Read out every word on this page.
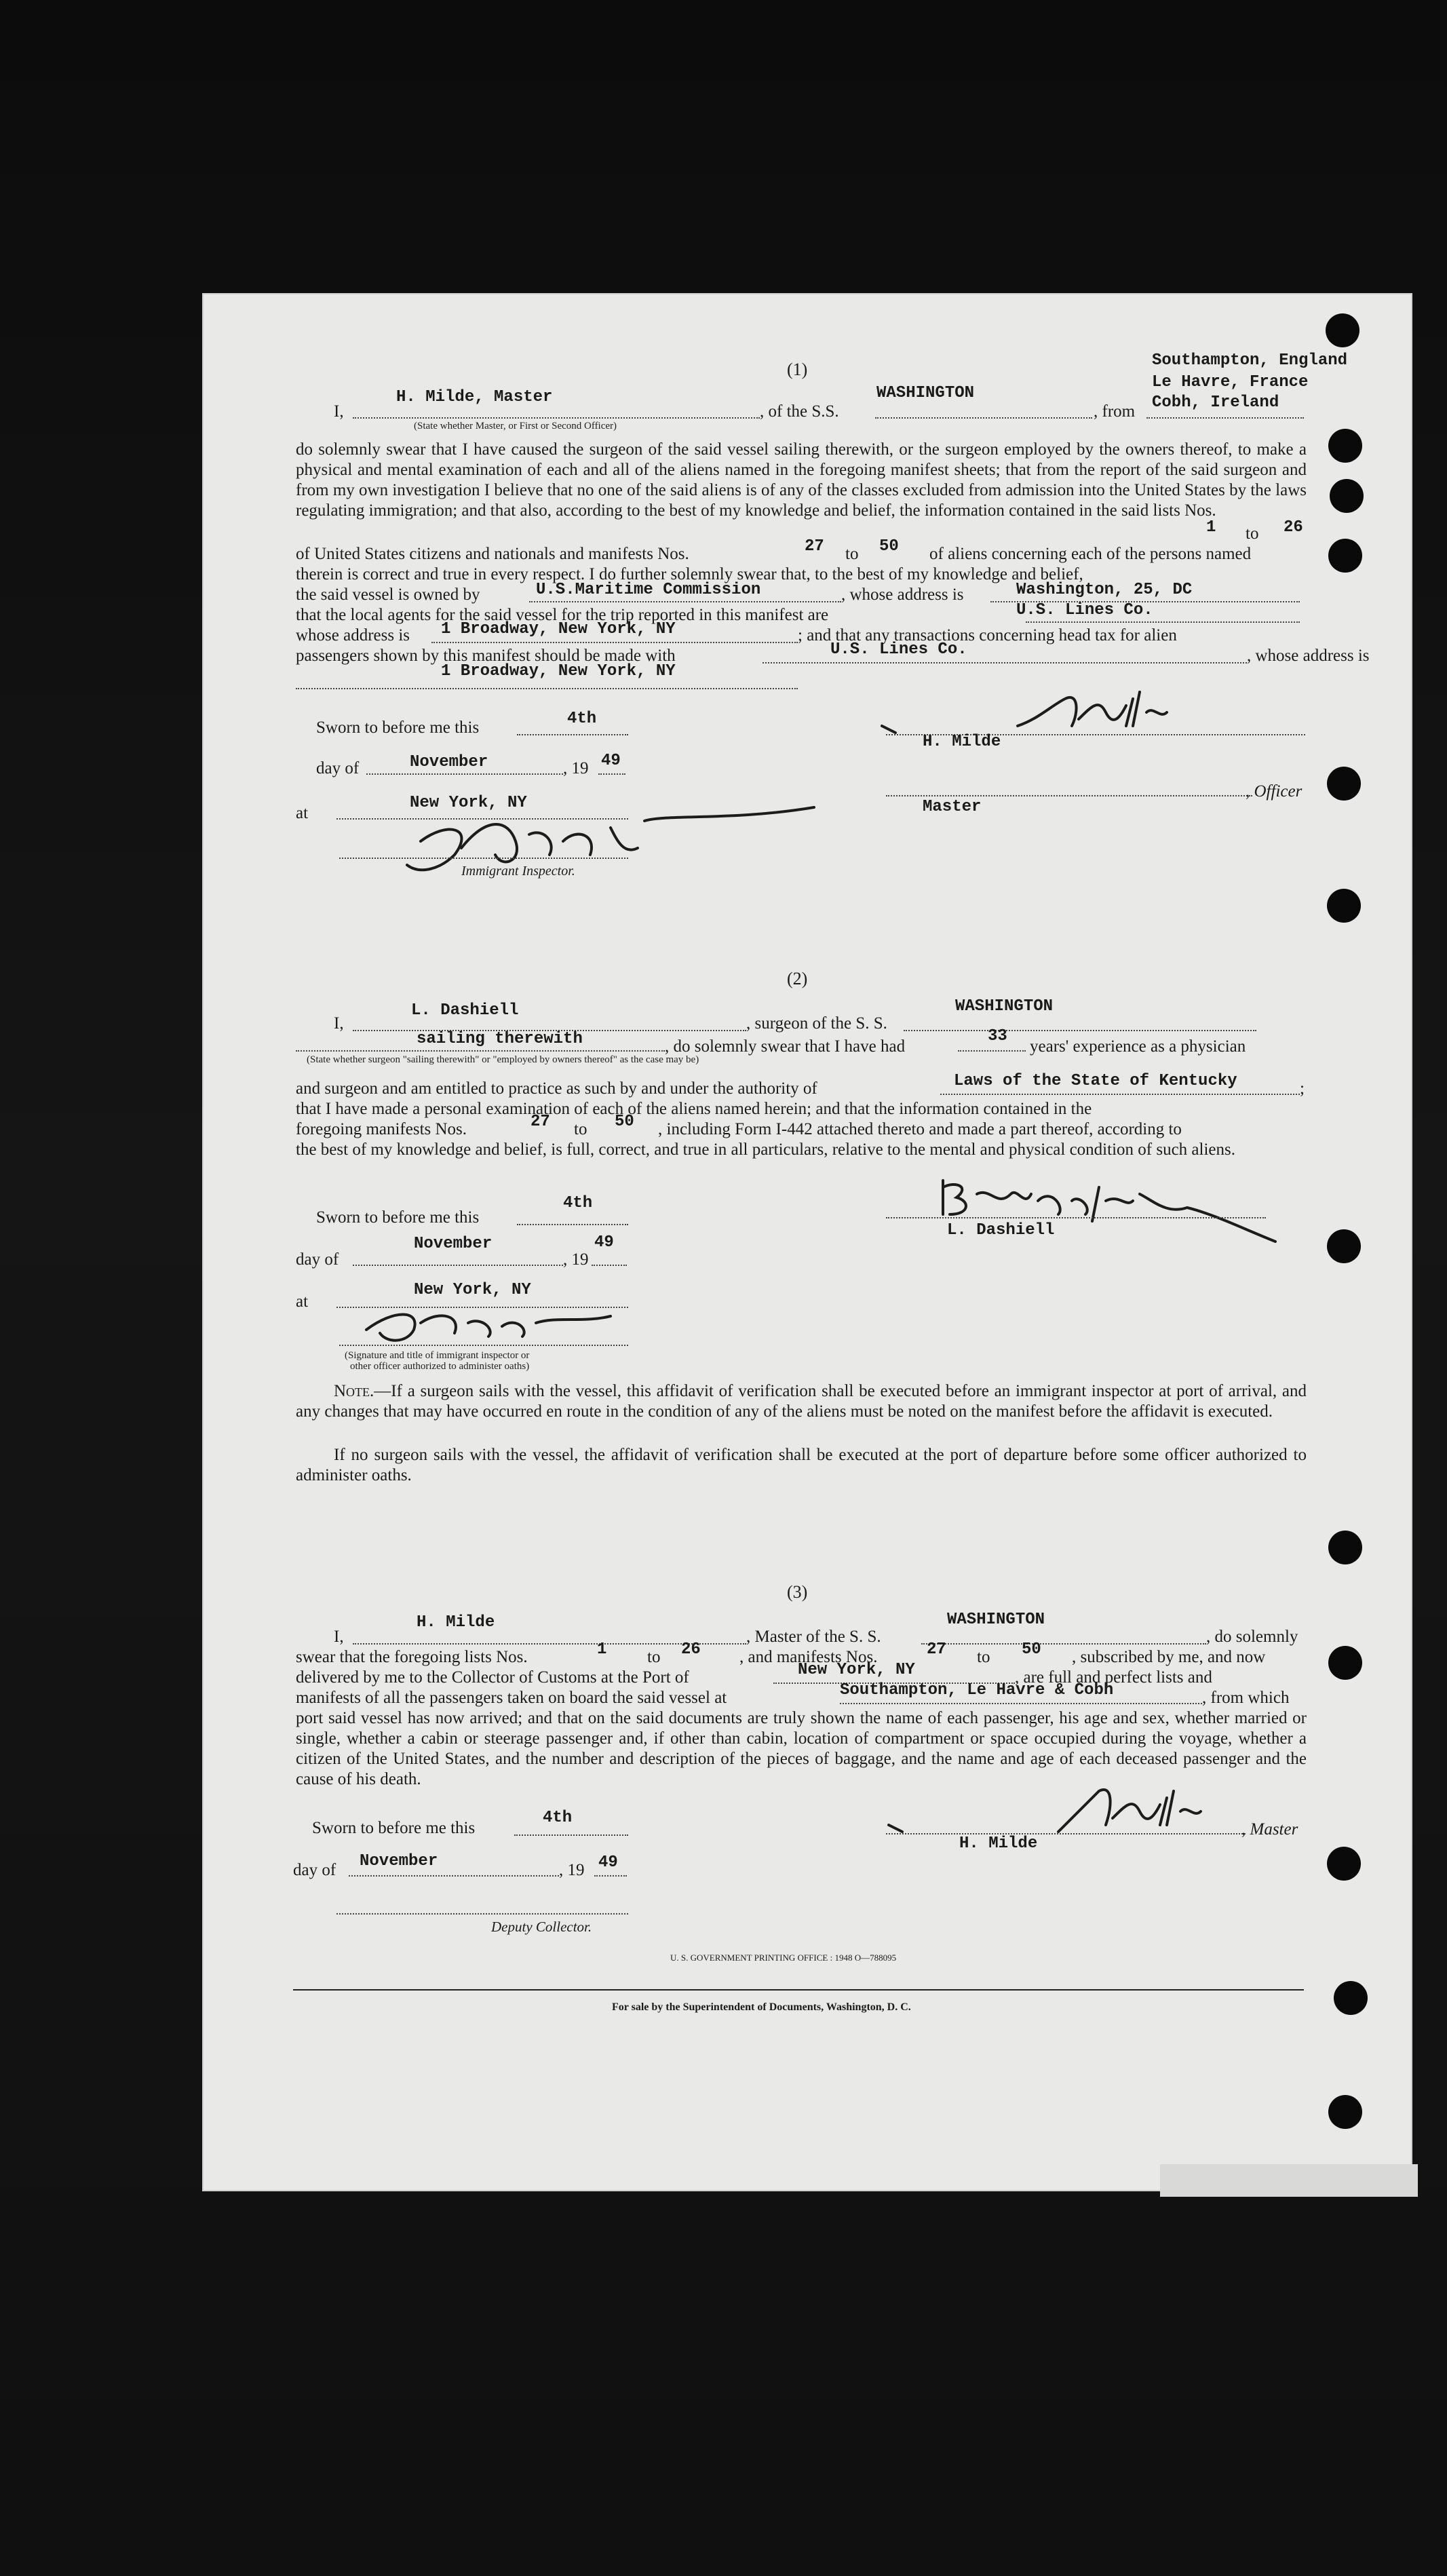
(1)
I,
H. Milde, Master
(State whether Master, or First or Second Officer)
, of the S.S.
WASHINGTON
, from
Southampton, England
Le Havre, France
Cobh, Ireland
do solemnly swear that I have caused the surgeon of the said vessel sailing therewith, or the surgeon employed by the owners thereof, to make a physical and mental examination of each and all of the aliens named in the foregoing manifest sheets; that from the report of the said surgeon and from my own investigation I believe that no one of the said aliens is of any of the classes excluded from admission into the United States by the laws regulating immigration; and that also, according to the best of my knowledge and belief, the information contained in the said lists Nos.
1 to 26
of United States citizens and nationals and manifests Nos.	27 to 50 of aliens concerning each of the persons named
therein is correct and true in every respect. I do further solemnly swear that, to the best of my knowledge and belief,
the said vessel is owned by	U.S.Maritime Commission	, whose address is	Washington, 25, DC
that the local agents for the said vessel for the trip reported in this manifest are	U.S. Lines Co.
whose address is 1 Broadway, New York, NY	; and that any transactions concerning head tax for alien
passengers shown by this manifest should be made with	U.S. Lines Co.	, whose address is
1 Broadway, New York, NY
Sworn to before me this	4th
day of	November	, 19 49
at
New York, NY
Immigrant Inspector.
H. Milde
, Officer
Master
(2)
I,
L. Dashiell
, surgeon of the S. S.
WASHINGTON
sailing therewith	, do solemnly swear that I have had
33
years' experience as a physician
(State whether surgeon "sailing therewith" or "employed by owners thereof" as the case may be)
and surgeon and am entitled to practice as such by and under the authority of	Laws of the State of Kentucky	;
that I have made a personal examination of each of the aliens named herein; and that the information contained in the
foregoing manifests Nos.	27 to 50 , including Form I-442 attached thereto and made a part thereof, according to
the best of my knowledge and belief, is full, correct, and true in all particulars, relative to the mental and physical condition of such aliens.
Sworn to before me this
4th
day of
November
, 19
49
at
New York, NY
(Signature and title of immigrant inspector or
other officer authorized to administer oaths)
L. Dashiell
Note.—If a surgeon sails with the vessel, this affidavit of verification shall be executed before an immigrant inspector at port of arrival, and any changes that may have occurred en route in the condition of any of the aliens must be noted on the manifest before the affidavit is executed.
If no surgeon sails with the vessel, the affidavit of verification shall be executed at the port of departure before some officer authorized to administer oaths.
(3)
I,
H. Milde
, Master of the S. S.
WASHINGTON
, do solemnly
swear that the foregoing lists Nos.	1 to 26 , and manifests Nos.	27 to 50 , subscribed by me, and now
delivered by me to the Collector of Customs at the Port of	New York, NY	, are full and perfect lists and
manifests of all the passengers taken on board the said vessel at	Southampton, Le Havre & Cobh	, from which
port said vessel has now arrived; and that on the said documents are truly shown the name of each passenger, his age and sex, whether married or single, whether a cabin or steerage passenger and, if other than cabin, location of compartment or space occupied during the voyage, whether a citizen of the United States, and the number and description of the pieces of baggage, and the name and age of each deceased passenger and the cause of his death.
Sworn to before me this
4th
day of November	, 19 49
Deputy Collector.
, Master
H. Milde
U. S. GOVERNMENT PRINTING OFFICE : 1948 O—788095
For sale by the Superintendent of Documents, Washington, D. C.
